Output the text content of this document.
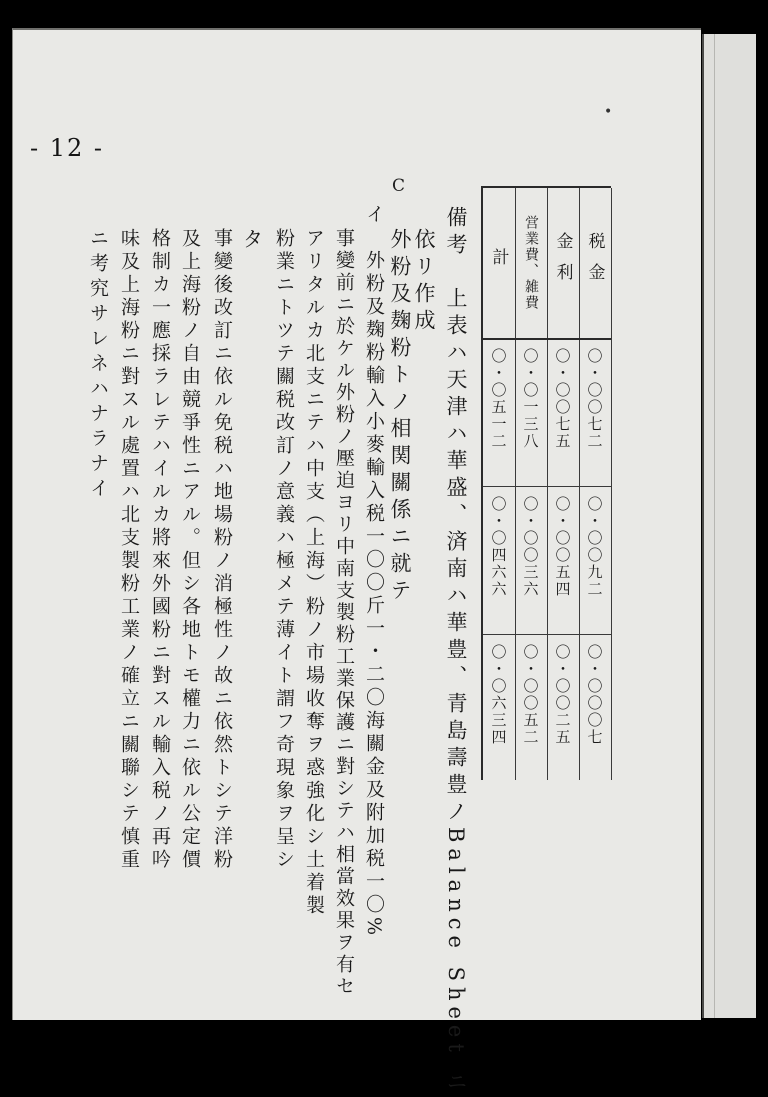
- 12 -
•
C
備考　上表ハ天津ハ華盛、済南ハ華豊、青島壽豊ノBalance Sheet ニ
依リ作成
外粉及麹粉トノ相関關係ニ就テ
イ　外粉及麹粉輸入小麥輸入税一〇〇斤一・二〇海關金及附加税一〇%
事變前ニ於ケル外粉ノ壓迫ヨリ中南支製粉工業保護ニ對シテハ相當效果ヲ有セ
アリタルカ北支ニテハ中支（上海）粉ノ市場收奪ヲ惑強化シ土着製
粉業ニトツテ關税改訂ノ意義ハ極メテ薄イト謂フ奇現象ヲ呈シ
タ
事變後改訂ニ依ル免税ハ地場粉ノ消極性ノ故ニ依然トシテ洋粉
及上海粉ノ自由競爭性ニアル。但シ各地トモ權力ニ依ル公定價
格制カ一應採ラレテハイルカ將來外國粉ニ對スル輸入税ノ再吟
味及上海粉ニ對スル處置ハ北支製粉工業ノ確立ニ關聯シテ慎重
ニ考究サレネハナラナイ	計
〇・〇五一二
〇・〇四六六
〇・〇六三四
営業費、雑費
〇・〇一三八
〇・〇〇三六
〇・〇〇五二
金利
〇・〇〇七五
〇・〇〇五四
〇・〇〇二五
税金
〇・〇〇七二
〇・〇〇九二
〇・〇〇〇七
